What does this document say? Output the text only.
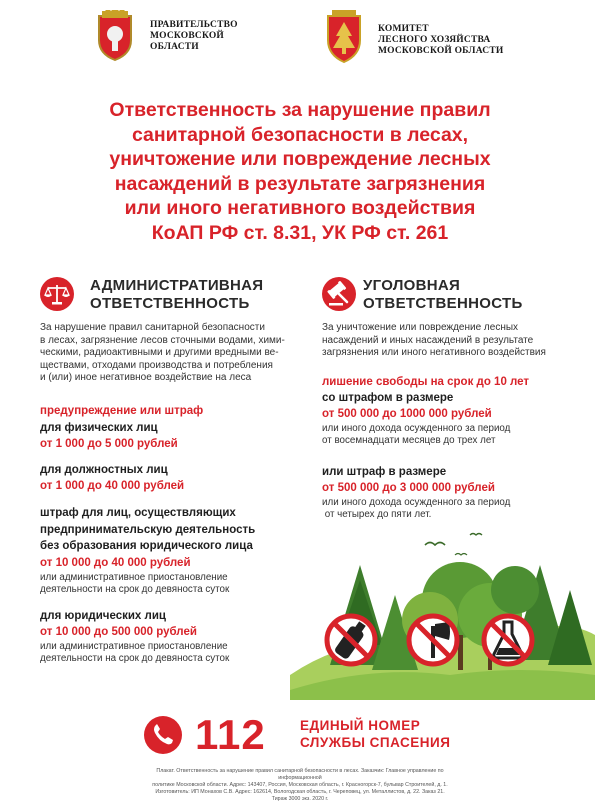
ПРАВИТЕЛЬСТВО
МОСКОВСКОЙ
ОБЛАСТИ
КОМИТЕТ
ЛЕСНОГО ХОЗЯЙСТВА
МОСКОВСКОЙ ОБЛАСТИ
Ответственность за нарушение правил
санитарной безопасности в лесах,
уничтожение или повреждение лесных
насаждений в результате загрязнения
или иного негативного воздействия
КоАП РФ ст. 8.31, УК РФ ст. 261
АДМИНИСТРАТИВНАЯ
ОТВЕТСТВЕННОСТЬ
За нарушение правил санитарной безопасности
в лесах, загрязнение лесов сточными водами, хими-
ческими, радиоактивными и другими вредными ве-
ществами, отходами производства и потребления
и (или) иное негативное воздействие на леса
предупреждение или штраф
для физических лиц
от 1 000 до 5 000 рублей
для должностных лиц
от 1 000 до 40 000 рублей
штраф для лиц, осуществляющих
предпринимательскую деятельность
без образования юридического лица
от 10 000 до 40 000 рублей
или административное приостановление
деятельности на срок до девяноста суток
для юридических лиц
от 10 000 до 500 000 рублей
или административное приостановление
деятельности на срок до девяноста суток
УГОЛОВНАЯ
ОТВЕТСТВЕННОСТЬ
За уничтожение или повреждение лесных
насаждений и иных насаждений в результате
загрязнения или иного негативного воздействия
лишение свободы на срок до 10 лет
со штрафом в размере
от 500 000 до 1000 000 рублей
или иного дохода осужденного за период
от восемнадцати месяцев до трех лет
или штраф в размере
от 500 000 до 3 000 000 рублей
или иного дохода осужденного за период
от четырех до пяти лет.
112	ЕДИНЫЙ НОМЕР
СЛУЖБЫ СПАСЕНИЯ
Плакат. Ответственность за нарушение правил санитарной безопасности в лесах. Заказчик: Главное управление по информационной
политике Московской области. Адрес: 143407, Россия, Московская область, г. Красногорск-7, бульвар Строителей, д. 1.
Изготовитель: ИП Монахов С.В. Адрес: 162614, Вологодская область, г. Череповец, ул. Металлистов, д. 22. Заказ 21. Тираж 3000 экз. 2020 г.
